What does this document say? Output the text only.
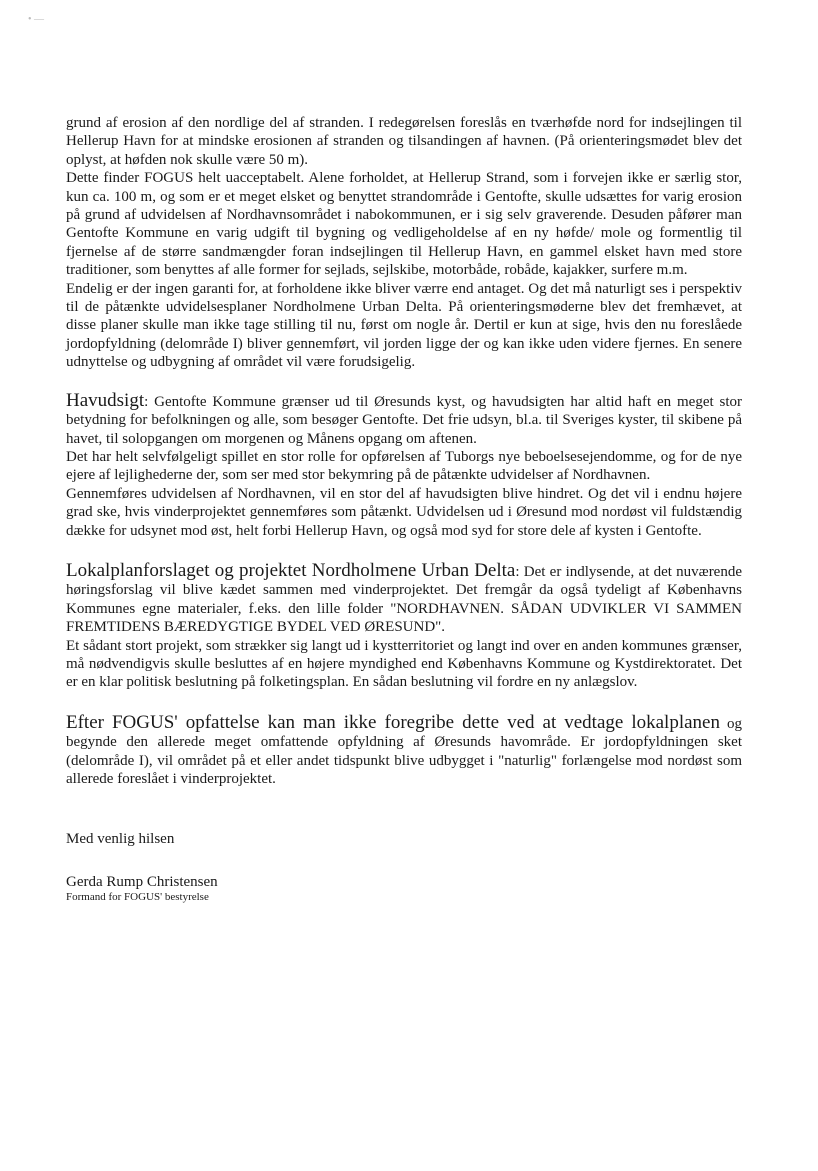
• —

grund af erosion af den nordlige del af stranden. I redegørelsen foreslås en tværhøfde nord for indsejlingen til Hellerup Havn for at mindske erosionen af stranden og tilsandingen af havnen. (På orienteringsmødet blev det oplyst, at høfden nok skulle være 50 m).

Dette finder FOGUS helt uacceptabelt. Alene forholdet, at Hellerup Strand, som i forvejen ikke er særlig stor, kun ca. 100 m, og som er et meget elsket og benyttet strandområde i Gentofte, skulle udsættes for varig erosion på grund af udvidelsen af Nordhavnsområdet i nabokommunen, er i sig selv graverende. Desuden påfører man Gentofte Kommune en varig udgift til bygning og vedligeholdelse af en ny høfde/ mole og formentlig til fjernelse af de større sandmængder foran indsejlingen til Hellerup Havn, en gammel elsket havn med store traditioner, som benyttes af alle former for sejlads, sejlskibe, motorbåde, robåde, kajakker, surfere m.m.

Endelig er der ingen garanti for, at forholdene ikke bliver værre end antaget. Og det må naturligt ses i perspektiv til de påtænkte udvidelsesplaner Nordholmene Urban Delta. På orienteringsmøderne blev det fremhævet, at disse planer skulle man ikke tage stilling til nu, først om nogle år. Dertil er kun at sige, hvis den nu foreslåede jordopfyldning (delområde I) bliver gennemført, vil jorden ligge der og kan ikke uden videre fjernes. En senere udnyttelse og udbygning af området vil være forudsigelig.

Havudsigt: Gentofte Kommune grænser ud til Øresunds kyst, og havudsigten har altid haft en meget stor betydning for befolkningen og alle, som besøger Gentofte. Det frie udsyn, bl.a. til Sveriges kyster, til skibene på havet, til solopgangen om morgenen og Månens opgang om aftenen.

Det har helt selvfølgeligt spillet en stor rolle for opførelsen af Tuborgs nye beboelsesejendomme, og for de nye ejere af lejlighederne der, som ser med stor bekymring på de påtænkte udvidelser af Nordhavnen.

Gennemføres udvidelsen af Nordhavnen, vil en stor del af havudsigten blive hindret. Og det vil i endnu højere grad ske, hvis vinderprojektet gennemføres som påtænkt. Udvidelsen ud i Øresund mod nordøst vil fuldstændig dække for udsynet mod øst, helt forbi Hellerup Havn, og også mod syd for store dele af kysten i Gentofte.

Lokalplanforslaget og projektet Nordholmene Urban Delta: Det er indlysende, at det nuværende høringsforslag vil blive kædet sammen med vinderprojektet. Det fremgår da også tydeligt af Københavns Kommunes egne materialer, f.eks. den lille folder "NORDHAVNEN. SÅDAN UDVIKLER VI SAMMEN FREMTIDENS BÆREDYGTIGE BYDEL VED ØRESUND".

Et sådant stort projekt, som strækker sig langt ud i kystterritoriet og langt ind over en anden kommunes grænser, må nødvendigvis skulle besluttes af en højere myndighed end Københavns Kommune og Kystdirektoratet. Det er en klar politisk beslutning på folketingsplan. En sådan beslutning vil fordre en ny anlægslov.

Efter FOGUS' opfattelse kan man ikke foregribe dette ved at vedtage lokalplanen og begynde den allerede meget omfattende opfyldning af Øresunds havområde. Er jordopfyldningen sket (delområde I), vil området på et eller andet tidspunkt blive udbygget i "naturlig" forlængelse mod nordøst som allerede foreslået i vinderprojektet.

Med venlig hilsen

Gerda Rump Christensen

Formand for FOGUS' bestyrelse
